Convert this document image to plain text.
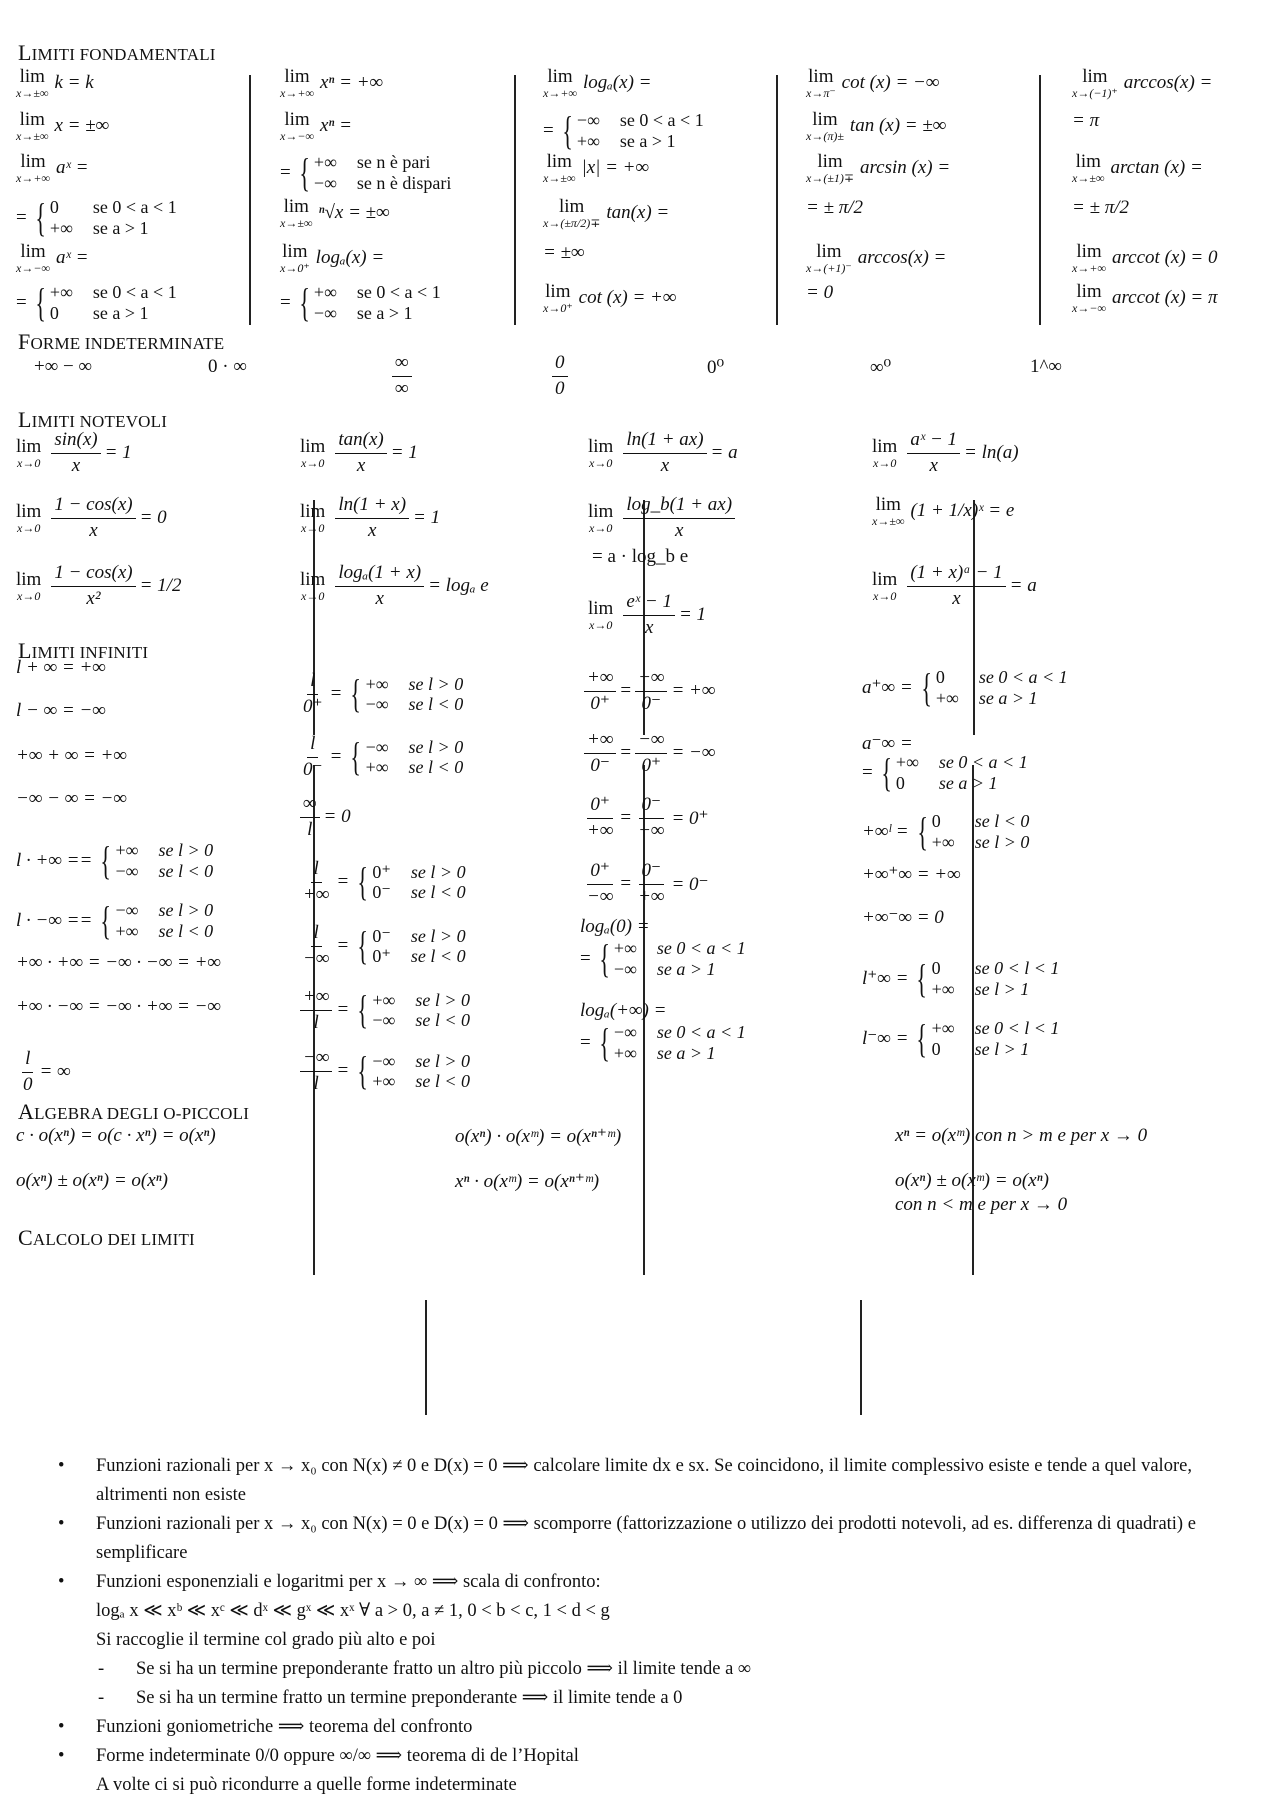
LIMITI FONDAMENTALI
FORME INDETERMINATE
LIMITI NOTEVOLI
LIMITI INFINITI
ALGEBRA DEGLI O-PICCOLI
CALCOLO DEI LIMITI
lim
x→±∞ k = k
lim
x→±∞ x = ±∞
lim
x→+∞ aˣ =
= { 0	se 0 < a < 1
+∞	se a > 1
lim
x→−∞ aˣ =
= { +∞	se 0 < a < 1
0	se a > 1
lim
x→+∞ xⁿ = +∞
lim
x→−∞ xⁿ =
= { +∞	se n è pari
−∞	se n è dispari
lim
x→±∞ ⁿ√x = ±∞
lim
x→0⁺ logₐ(x) =
= { +∞	se 0 < a < 1
−∞	se a > 1
lim
x→+∞ logₐ(x) =
= { −∞	se 0 < a < 1
+∞	se a > 1
lim
x→±∞ |x| = +∞
lim
x→(±π/2)∓ tan(x) =
= ±∞
lim
x→0⁺ cot (x) = +∞
lim
x→π⁻ cot (x) = −∞
lim
x→(π)± tan (x) = ±∞
lim
x→(±1)∓ arcsin (x) =
= ± π/2
lim
x→(+1)⁻ arccos(x) =
= 0
lim
x→(−1)⁺ arccos(x) =
= π
lim
x→±∞ arctan (x) =
= ± π/2
lim
x→+∞ arccot (x) = 0
lim
x→−∞ arccot (x) = π
+∞ − ∞	0 · ∞	$\frac{\infty}{\infty}$	$\frac{0}{0}$	0⁰	∞⁰	1^∞
lim
$x\to 0 \frac{\sin(x)}{x} = 1$
lim
$x\to 0 \frac{1 - \cos(x)}{x} = 0$
lim
$x\to 0 \frac{1 - \cos(x)}{\text{x²}} = 1/2$
lim
$x\to 0 \frac{\tan(x)}{x} = 1$
lim
$x\to 0 \frac{\ln(1 + x)}{x} = 1$
lim
$x\to 0 \frac{\text{logₐ(1 + x)}}{x} = \log_a$ e
lim
$x\to 0 \frac{\ln(1 + ax)}{x} = a$
lim
$x\to 0 \frac{\log\_b(1 + ax)}{x}$
= a · log_b e
lim
$x\to 0 \frac{\text{eˣ − 1}}{x} = 1$
lim
$x\to 0 \frac{\text{aˣ − 1}}{x} = \ln(a)$
lim
x→±∞ (1 + 1/x)ˣ = e
lim
$x\to 0 \frac{\text{(1 + x)ᵃ − 1}}{x} = a$
l + ∞ = +∞
l − ∞ = −∞
+∞ + ∞ = +∞
−∞ − ∞ = −∞
l · +∞ == { +∞	se l > 0
−∞	se l < 0
l · −∞ == { −∞	se l > 0
+∞	se l < 0
+∞ · +∞ = −∞ · −∞ = +∞
+∞ · −∞ = −∞ · +∞ = −∞
$\frac{l}{0}$ = ∞
$\frac{l}{0^+}$ = { +∞	se l > 0
−∞	se l < 0
$\frac{l}{0^-}$ = { −∞	se l > 0
+∞	se l < 0
$\frac{\infty}{l} = 0$
$\frac{l}{+\infty}$ = { 0⁺	se l > 0
0⁻	se l < 0
$\frac{l}{-\infty}$ = { 0⁻	se l > 0
0⁺	se l < 0
$\frac{+\infty}{l}$ = { +∞	se l > 0
−∞	se l < 0
$\frac{-\infty}{l}$ = { −∞	se l > 0
+∞	se l < 0
$\frac{+\infty}{0^+} = \frac{-\infty}{0^-}$ = +∞
$\frac{+\infty}{0^-} = \frac{-\infty}{0^+}$ = −∞
$\frac{0^+}{+\infty} = \frac{0^-}{-\infty} = 0^+$
$\frac{0^+}{-\infty} = \frac{0^-}{+\infty} = 0^-$
logₐ(0) =
= { +∞	se 0 < a < 1
−∞	se a > 1
logₐ(+∞) =
= { −∞	se 0 < a < 1
+∞	se a > 1
a⁺∞ = { 0	se 0 < a < 1
+∞	se a > 1
a⁻∞ =
= { +∞	se 0 < a < 1
0	se a > 1
+∞ˡ = { 0	se l < 0
+∞	se l > 0
+∞⁺∞ = +∞
+∞⁻∞ = 0
l⁺∞ = { 0	se 0 < l < 1
+∞	se l > 1
l⁻∞ = { +∞	se 0 < l < 1
0	se l > 1
c · o(xⁿ) = o(c · xⁿ) = o(xⁿ)
o(xⁿ) ± o(xⁿ) = o(xⁿ)
o(xⁿ) · o(xᵐ) = o(xⁿ⁺ᵐ)
xⁿ · o(xᵐ) = o(xⁿ⁺ᵐ)
xⁿ = o(xᵐ) con n > m e per x → 0
o(xⁿ) ± o(xᵐ) = o(xⁿ)
con n < m e per x → 0
• Funzioni razionali per x → x₀ con N(x) ≠ 0 e D(x) = 0 ⟹ calcolare limite dx e sx. Se coincidono, il limite complessivo esiste e tende a quel valore, altrimenti non esiste
• Funzioni razionali per x → x₀ con N(x) = 0 e D(x) = 0 ⟹ scomporre (fattorizzazione o utilizzo dei prodotti notevoli, ad es. differenza di quadrati) e semplificare
• Funzioni esponenziali e logaritmi per x → ∞ ⟹ scala di confronto:
logₐ x ≪ xᵇ ≪ xᶜ ≪ dˣ ≪ gˣ ≪ xˣ ∀ a > 0, a ≠ 1, 0 < b < c, 1 < d < g
Si raccoglie il termine col grado più alto e poi
- Se si ha un termine preponderante fratto un altro più piccolo ⟹ il limite tende a ∞
- Se si ha un termine fratto un termine preponderante ⟹ il limite tende a 0
• Funzioni goniometriche ⟹ teorema del confronto
• Forme indeterminate 0/0 oppure ∞/∞ ⟹ teorema di de l’Hopital
A volte ci si può ricondurre a quelle forme indeterminate
